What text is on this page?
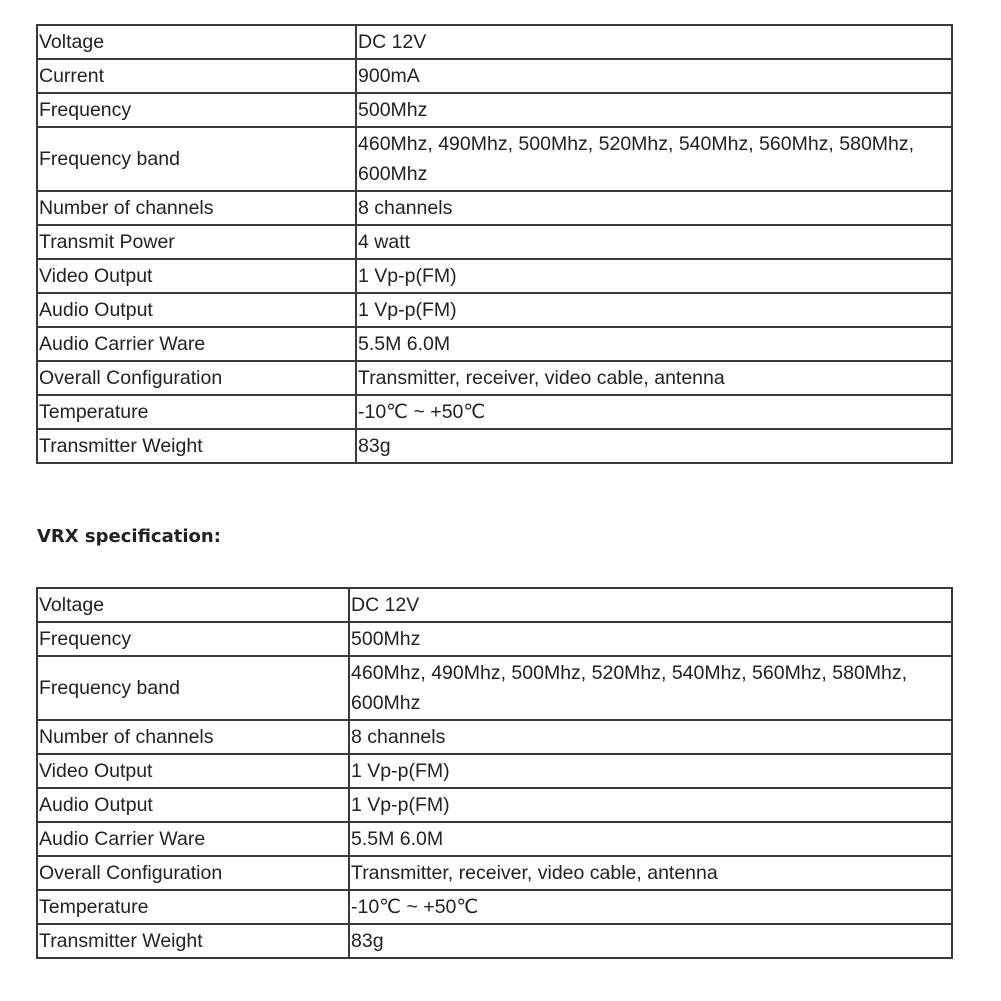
Voltage	DC 12V
Current	900mA
Frequency	500Mhz
Frequency band	460Mhz, 490Mhz, 500Mhz, 520Mhz, 540Mhz, 560Mhz, 580Mhz, 600Mhz
Number of channels	8 channels
Transmit Power	4 watt
Video Output	1 Vp-p(FM)
Audio Output	1 Vp-p(FM)
Audio Carrier Ware	5.5M 6.0M
Overall Configuration	Transmitter, receiver, video cable, antenna
Temperature	-10℃ ~ +50℃
Transmitter Weight	83g
VRX specification:
Voltage	DC 12V
Frequency	500Mhz
Frequency band	460Mhz, 490Mhz, 500Mhz, 520Mhz, 540Mhz, 560Mhz, 580Mhz, 600Mhz
Number of channels	8 channels
Video Output	1 Vp-p(FM)
Audio Output	1 Vp-p(FM)
Audio Carrier Ware	5.5M 6.0M
Overall Configuration	Transmitter, receiver, video cable, antenna
Temperature	-10℃ ~ +50℃
Transmitter Weight	83g
